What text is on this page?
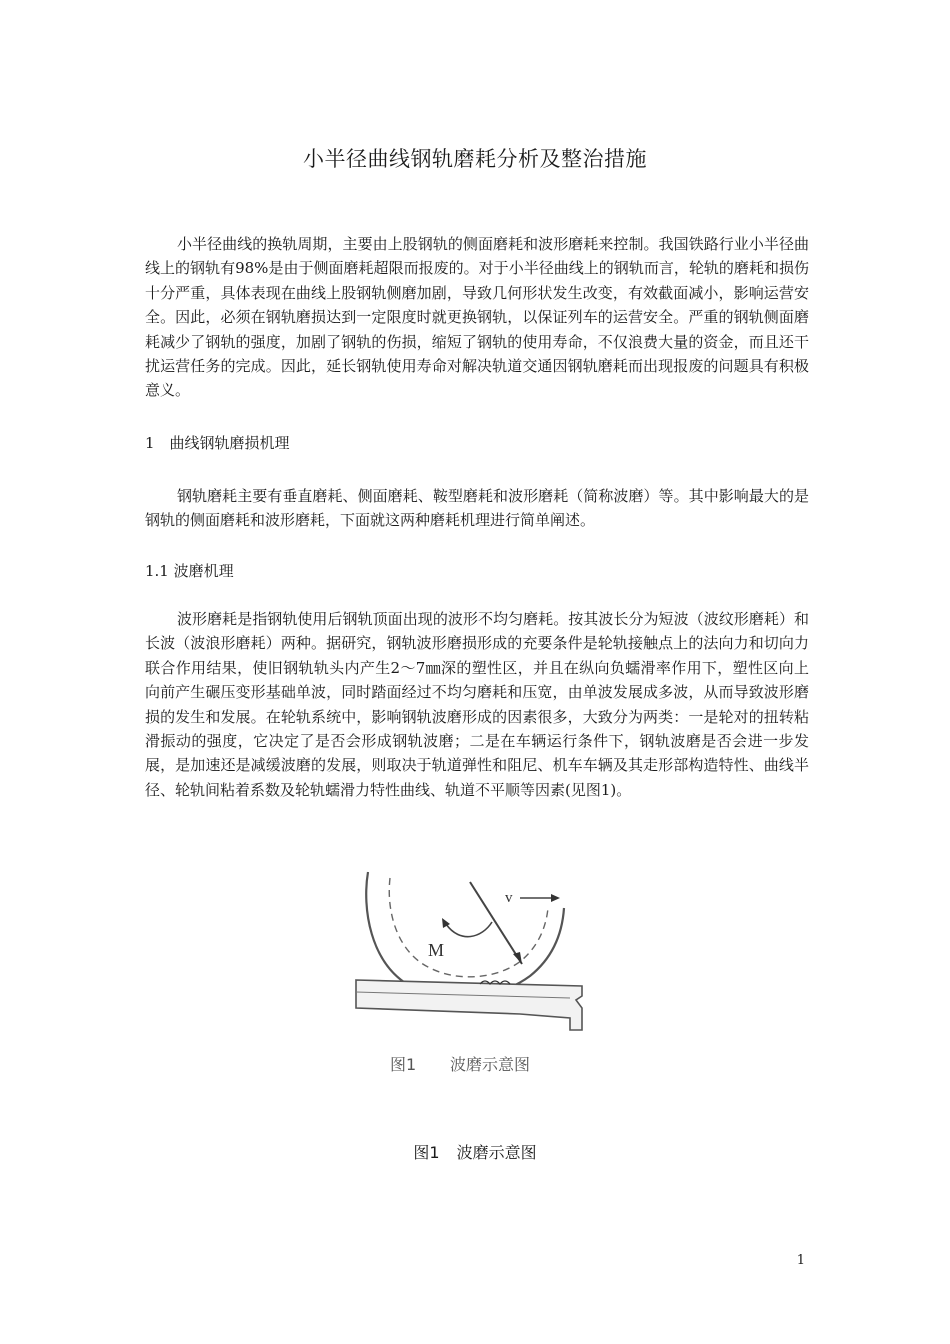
小半径曲线钢轨磨耗分析及整治措施

小半径曲线的换轨周期，主要由上股钢轨的侧面磨耗和波形磨耗来控制。我国铁路行业小半径曲线上的钢轨有98%是由于侧面磨耗超限而报废的。对于小半径曲线上的钢轨而言，轮轨的磨耗和损伤十分严重，具体表现在曲线上股钢轨侧磨加剧，导致几何形状发生改变，有效截面减小，影响运营安全。因此，必须在钢轨磨损达到一定限度时就更换钢轨，以保证列车的运营安全。严重的钢轨侧面磨耗减少了钢轨的强度，加剧了钢轨的伤损，缩短了钢轨的使用寿命，不仅浪费大量的资金，而且还干扰运营任务的完成。因此，延长钢轨使用寿命对解决轨道交通因钢轨磨耗而出现报废的问题具有积极意义。

1　曲线钢轨磨损机理

钢轨磨耗主要有垂直磨耗、侧面磨耗、鞍型磨耗和波形磨耗（简称波磨）等。其中影响最大的是钢轨的侧面磨耗和波形磨耗，下面就这两种磨耗机理进行简单阐述。

1.1 波磨机理

波形磨耗是指钢轨使用后钢轨顶面出现的波形不均匀磨耗。按其波长分为短波（波纹形磨耗）和长波（波浪形磨耗）两种。据研究，钢轨波形磨损形成的充要条件是轮轨接触点上的法向力和切向力联合作用结果，使旧钢轨轨头内产生2～7㎜深的塑性区，并且在纵向负蠕滑率作用下，塑性区向上向前产生碾压变形基础单波，同时踏面经过不均匀磨耗和压宽，由单波发展成多波，从而导致波形磨损的发生和发展。在轮轨系统中，影响钢轨波磨形成的因素很多，大致分为两类：一是轮对的扭转粘滑振动的强度，它决定了是否会形成钢轨波磨；二是在车辆运行条件下，钢轨波磨是否会进一步发展，是加速还是减缓波磨的发展，则取决于轨道弹性和阻尼、机车车辆及其走形部构造特性、曲线半径、轮轨间粘着系数及轮轨蠕滑力特性曲线、轨道不平顺等因素(见图1)。

v
M
图1 波磨示意图
图1 波磨示意图
1
